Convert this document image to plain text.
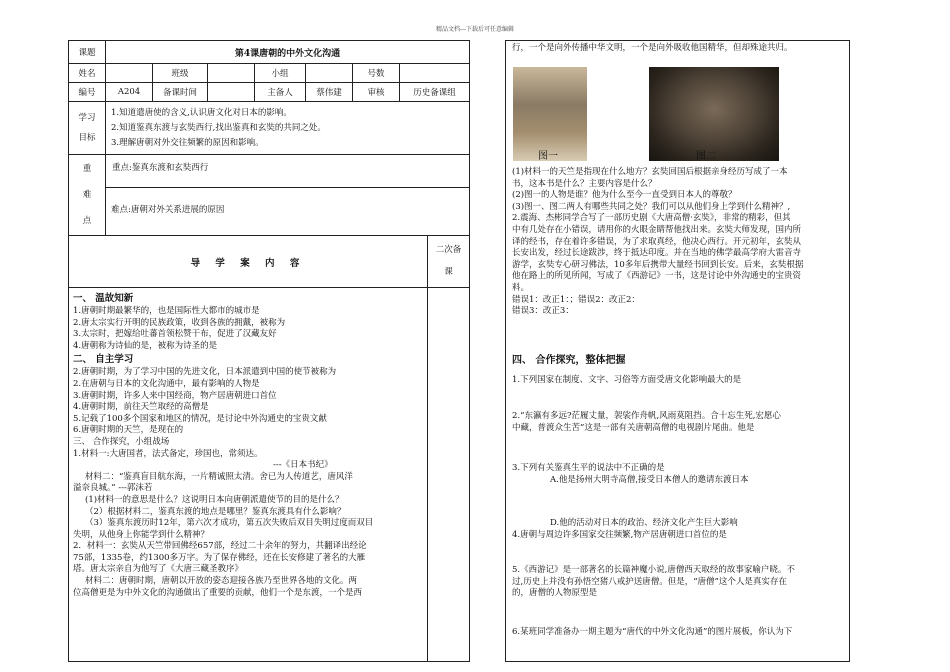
精品文档---下载后可任意编辑
课题	第4课唐朝的中外文化沟通
姓名	班级	小组	号数
编号	A204	备课时间	主备人	蔡伟建	审核	历史备课组
学习
目标
1.知道遣唐使的含义,认识唐文化对日本的影响。
2.知道鉴真东渡与玄奘西行,找出鉴真和玄奘的共同之处。
3.理解唐朝对外交往频繁的原因和影响。
重
难
点
重点:鉴真东渡和玄奘西行
难点:唐朝对外关系进展的原因
导 学 案 内 容
二次备
课
一、 温故知新
1.唐朝时期最繁华的，也是国际性大都市的城市是
2.唐太宗实行开明的民族政策，收到各族的拥戴，被称为
3.太宗时，把嫁给吐蕃首领松赞干布，促进了汉藏友好
4.唐朝称为诗仙的是，被称为诗圣的是
二、 自主学习
2.唐朝时期，为了学习中国的先进文化，日本派遣到中国的使节被称为
2.在唐朝与日本的文化沟通中，最有影响的人物是
3.唐朝时期，许多人来中国经商，物产居唐朝进口首位
4.唐朝时期，前往天竺取经的高僧是
5.记载了100多个国家和地区的情况，是讨论中外沟通史的宝贵文献
6.唐朝时期的天竺，是现在的
三、 合作探究，小组战场
1.材料一:大唐国者，法式备定，珍国也，常须达。
---《日本书纪》
材料二：“鉴真盲目航东海，一片精诚照太清。舍已为人传道艺，唐风洋
溢奈良城。” ---郭沫若
(1)材料一的意思是什么？这说明日本向唐朝派遣使节的目的是什么？
（2）根据材料二，鉴真东渡的地点是哪里？鉴真东渡具有什么影响？
（3）鉴真东渡历时12年，第六次才成功，第五次失败后双目失明过度而双目
失明，从他身上你能学到什么精神？
2．材料一：玄奘从天竺带回佛经657部，经过二十余年的努力，共翻译出经论
75部，1335卷，约1300多万字。为了保存佛经，还在长安修建了著名的大雁
塔。唐太宗亲自为他写了《大唐三藏圣教序》
材料二：唐朝时期，唐朝以开放的姿态迎接各族乃至世界各地的文化。两
位高僧更是为中外文化的沟通做出了重要的贡献，他们一个是东渡，一个是西
行，一个是向外传播中华文明，一个是向外吸收他国精华，但却殊途共归。
图一	图二
(1)材料一的天竺是指现在什么地方？玄奘回国后根据亲身经历写成了一本
书，这本书是什么？主要内容是什么？
(2)图一的人物是谁？他为什么至今一直受到日本人的尊敬？
(3)图一、图二两人有哪些共同之处？我们可以从他们身上学到什么精神？,
2.震海、杰彬同学合写了一部历史剧《大唐高僧·玄奘》，非常的精彩，但其
中有几处存在小错误，请用你的火眼金睛帮他找出来。玄奘大师发现，国内所
译的经书，存在着许多错误，为了求取真经，他决心西行。开元初年，玄奘从
长安出发，经过长途跋涉，终于抵达印度。并在当地的佛学最高学府大雷音寺
游学，玄奘专心研习佛法，10多年后携带大量经书回到长安。后来，玄奘根据
他在路上的所见所闻，写成了《西游记》一书，这是讨论中外沟通史的宝贵资
料。
错误1：改正1：；错误2：改正2：
错误3：改正3：
四、 合作探究，整体把握
1.下列国家在制度、文字、习俗等方面受唐文化影响最大的是
2.“东瀛有多远?茫履丈量，袈裟作舟帆,风雨莫阻挡。合十忘生死,宏愿心
中藏，普渡众生苦”这是一部有关唐朝高僧的电视剧片尾曲。他是
3.下列有关鉴真生平的说法中不正确的是
A.他是扬州大明寺高僧,接受日本僧人的邀请东渡日本
D.他的活动对日本的政治、经济文化产生巨大影响
4.唐朝与周边许多国家交往频繁,物产居唐朝进口首位的是
5.《西游记》是一部著名的长篇神魔小说,唐僧西天取经的故事家喻户晓。不
过,历史上并没有孙悟空猪八戒护送唐僧。但是，“唐僧”这个人是真实存在
的，唐僧的人物原型是
6.某班同学准备办一期主题为“唐代的中外文化沟通”的图片展板，你认为下
